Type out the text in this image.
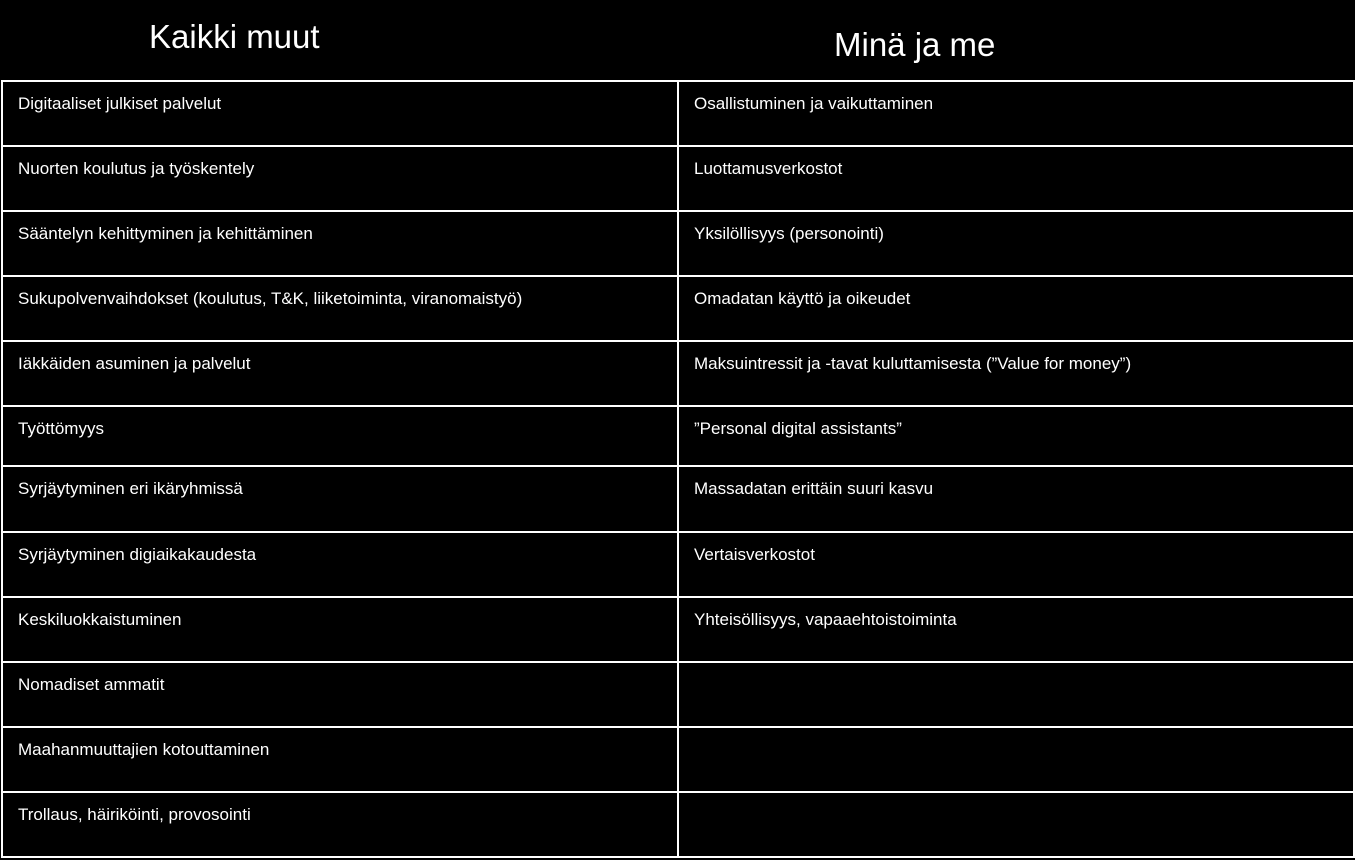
Kaikki muut	Minä ja me
Digitaaliset julkiset palvelut	Osallistuminen ja vaikuttaminen
Nuorten koulutus ja työskentely	Luottamusverkostot
Sääntelyn kehittyminen ja kehittäminen	Yksilöllisyys (personointi)
Sukupolvenvaihdokset (koulutus, T&K, liiketoiminta, viranomaistyö)	Omadatan käyttö ja oikeudet
Iäkkäiden asuminen ja palvelut	Maksuintressit ja -tavat kuluttamisesta (”Value for money”)
Työttömyys	”Personal digital assistants”
Syrjäytyminen eri ikäryhmissä	Massadatan erittäin suuri kasvu
Syrjäytyminen digiaikakaudesta	Vertaisverkostot
Keskiluokkaistuminen	Yhteisöllisyys, vapaaehtoistoiminta
Nomadiset ammatit	
Maahanmuuttajien kotouttaminen	
Trollaus, häiriköinti, provosointi	
